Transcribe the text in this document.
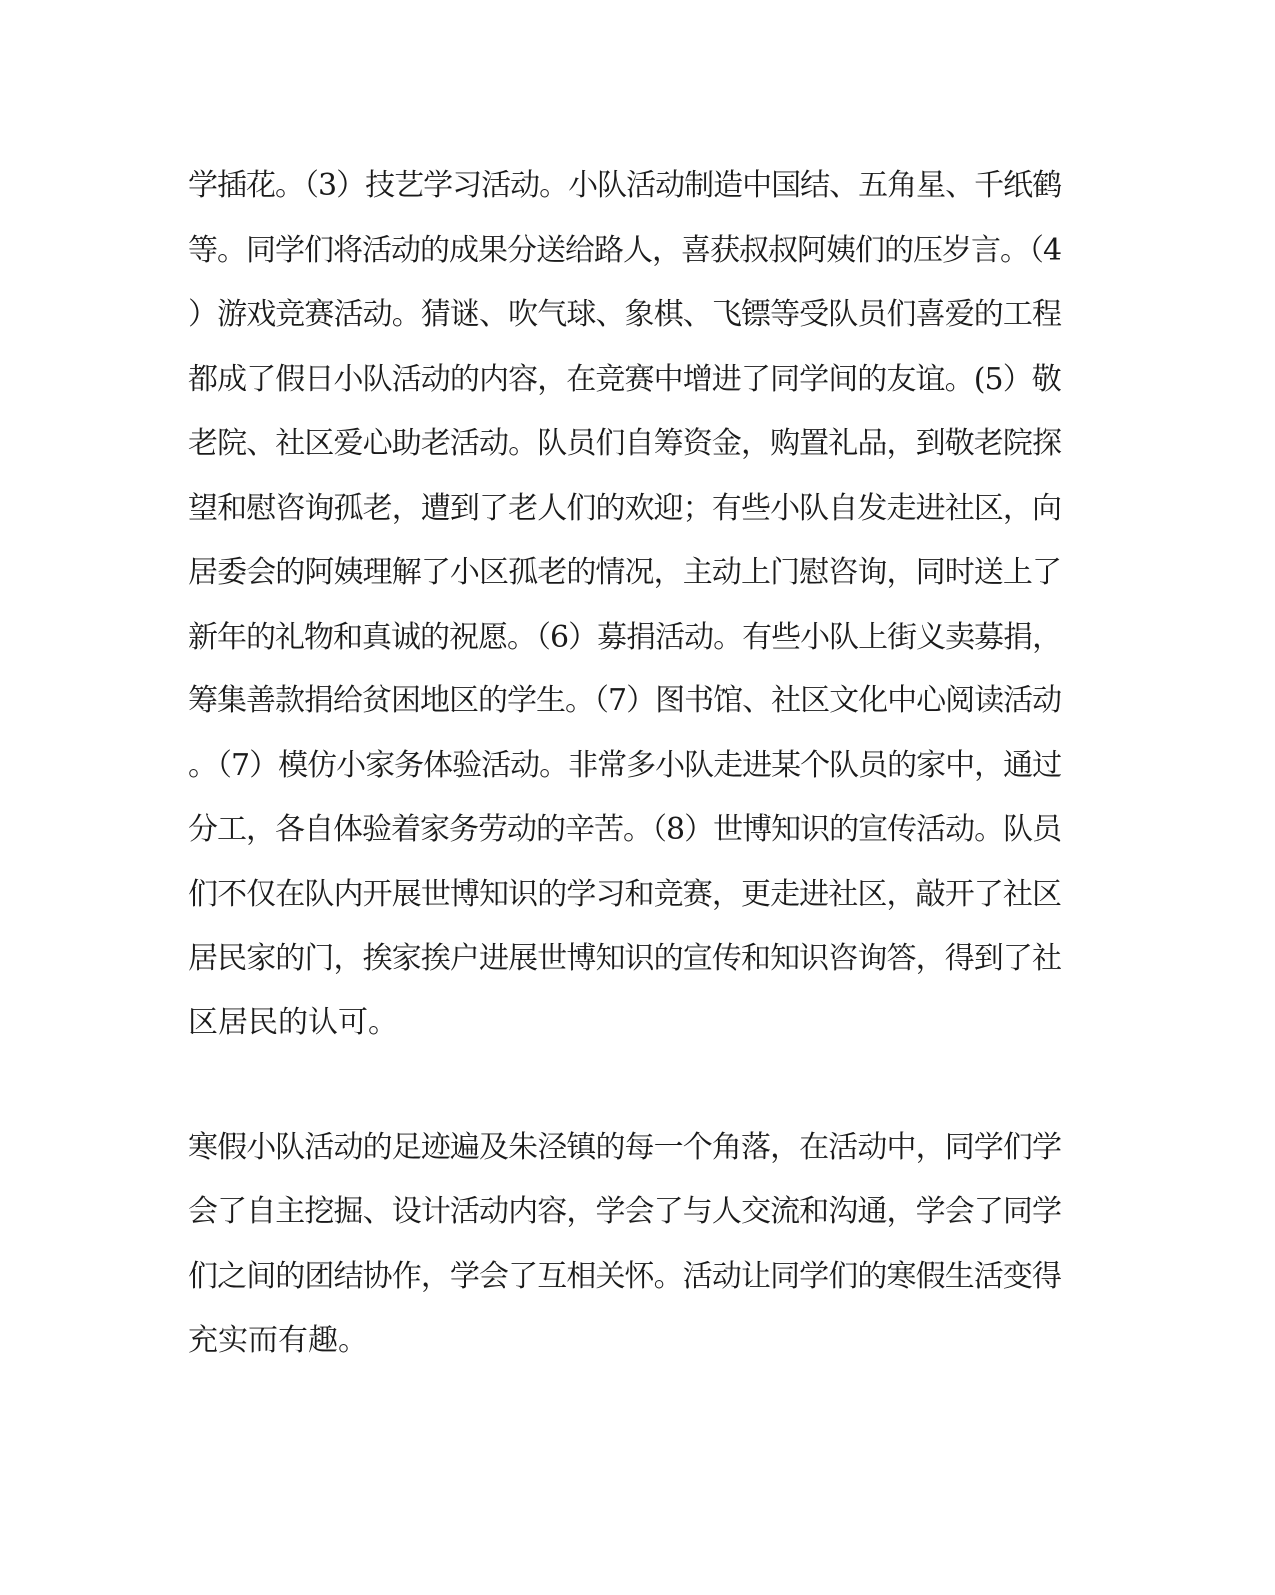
学插花。（3）技艺学习活动。小队活动制造中国结、五角星、千纸鹤
等。同学们将活动的成果分送给路人，喜获叔叔阿姨们的压岁言。（4
）游戏竞赛活动。猜谜、吹气球、象棋、飞镖等受队员们喜爱的工程
都成了假日小队活动的内容，在竞赛中增进了同学间的友谊。(5）敬
老院、社区爱心助老活动。队员们自筹资金，购置礼品，到敬老院探
望和慰咨询孤老，遭到了老人们的欢迎；有些小队自发走进社区，向
居委会的阿姨理解了小区孤老的情况，主动上门慰咨询，同时送上了
新年的礼物和真诚的祝愿。（6）募捐活动。有些小队上街义卖募捐，
筹集善款捐给贫困地区的学生。（7）图书馆、社区文化中心阅读活动
。（7）模仿小家务体验活动。非常多小队走进某个队员的家中，通过
分工，各自体验着家务劳动的辛苦。（8）世博知识的宣传活动。队员
们不仅在队内开展世博知识的学习和竞赛，更走进社区，敲开了社区
居民家的门，挨家挨户进展世博知识的宣传和知识咨询答，得到了社
区居民的认可。
寒假小队活动的足迹遍及朱泾镇的每一个角落，在活动中，同学们学
会了自主挖掘、设计活动内容，学会了与人交流和沟通，学会了同学
们之间的团结协作，学会了互相关怀。活动让同学们的寒假生活变得
充实而有趣。
